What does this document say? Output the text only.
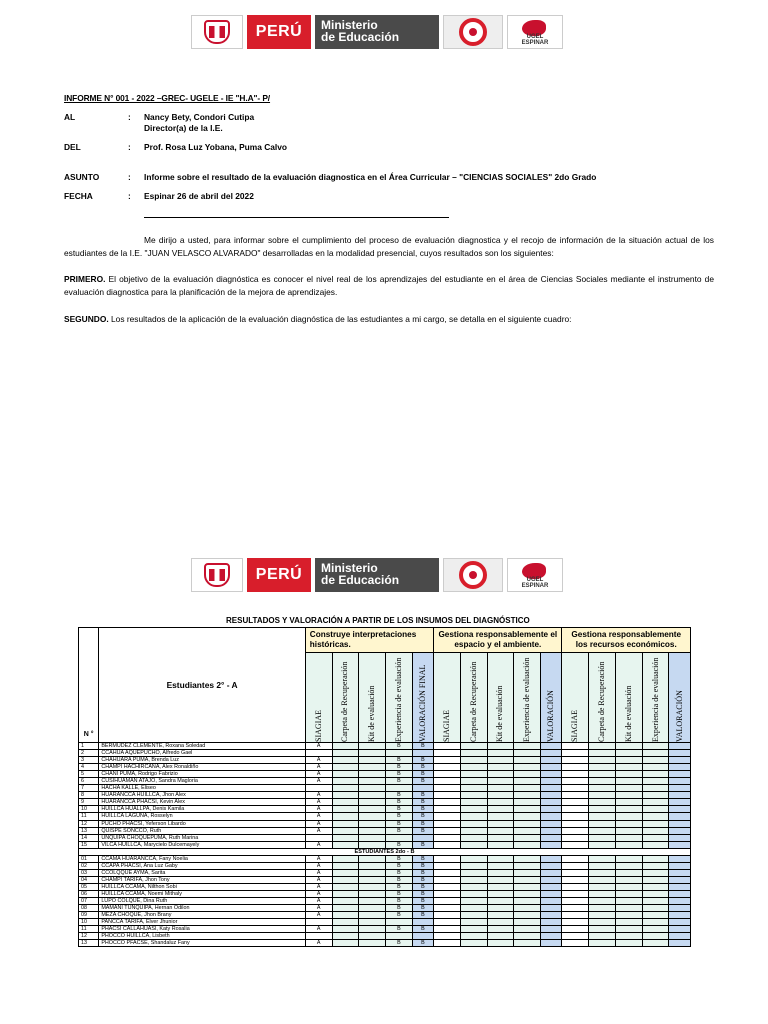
PERÚ	Ministerio
de Educación	UGEL
ESPINAR
INFORME N° 001 - 2022 –GREC- UGELE - IE "H.A"- P/
AL	:	Nancy Bety, Condori Cutipa
Director(a) de la I.E.
DEL	:	Prof. Rosa Luz Yobana, Puma Calvo
ASUNTO	:	Informe sobre el resultado de la evaluación diagnostica en el Área Curricular – "CIENCIAS SOCIALES" 2do Grado
FECHA	:	Espinar 26 de abril del 2022
Me dirijo a usted, para informar sobre el cumplimiento del proceso de evaluación diagnostica y el recojo de información de la situación actual de los estudiantes de la I.E. "JUAN VELASCO ALVARADO" desarrolladas en la modalidad presencial, cuyos resultados son los siguientes:
PRIMERO. El objetivo de la evaluación diagnóstica es conocer el nivel real de los aprendizajes del estudiante en el área de Ciencias Sociales mediante el instrumento de evaluación diagnostica para la planificación de la mejora de aprendizajes.
SEGUNDO. Los resultados de la aplicación de la evaluación diagnóstica de las estudiantes a mi cargo, se detalla en el siguiente cuadro:
PERÚ	Ministerio
de Educación	UGEL
ESPINAR
RESULTADOS Y VALORACIÓN A PARTIR DE LOS INSUMOS DEL DIAGNÓSTICO
N °	Estudiantes 2° - A	Construye interpretaciones históricas.					Gestiona responsablemente el espacio y el ambiente.					Gestiona responsablemente los recursos económicos.				

		SIAGIAE	Carpeta de Recuperación	Kit de evaluación	Experiencia de evaluación	VALORACIÓN FINAL	SIAGIAE	Carpeta de Recuperación	Kit de evaluación	Experiencia de evaluación	VALORACIÓN	SIAGIAE	Carpeta de Recuperación	Kit de evaluación	Experiencia de evaluación	VALORACIÓN

1	BERMUDEZ CLEMENTE, Roxana Soledad	A			B	B										
2	CCAHUA AQUEPUCHO, Alfredo Gael															
3	CHAHUARA PUMA, Brenda Luz	A			B	B										
4	CHAMPI HACHIRCANA, Alex Ronaldiño	A			B	B										
5	CHAÑI PUMA, Rodrigo Fabrizio	A			B	B										
6	CUSIHUAMAN ATAJO, Sandra Magloria	A			B	B										
7	HACHA KALLE, Eliseo															
8	HUARANCCA HUILLCA, Jhon Alex	A			B	B										
9	HUARANCCA PHACSI, Kevin Alex	A			B	B										
10	HUILLCA HUALLPA, Denis Kamila	A			B	B										
11	HUILLCA LAGUNA, Rosselyn	A			B	B										
12	PUCHO PHACSI, Yeferson Libardo	A			B	B										
13	QUISPE SONCCO, Ruth	A			B	B										
14	UNQUIPA CHOQUEPUMA, Ruth Marina															
15	VILCA HUILLCA, Marycielo Dulcemayely	A			B	B										
ESTUDIANTES 2do - B																
01	CCAMA HUARANCCA, Fany Noelia	A			B	B										
02	CCAPA PHACSI, Ana Luz Gaby	A			B	B										
03	CCOLQQUE AYMA, Sarita	A			B	B										
04	CHAMPI TARIFA, Jhon Tony	A			B	B										
05	HUILLCA CCAMA, Nilthon Sobi	A			B	B										
06	HUILLCA CCAMA, Noemi Mithaly	A			B	B										
07	LUPO COLQUE, Dina Ruth	A			B	B										
08	MAMANI TUNQUIPA, Hernan Odilon	A			B	B										
09	MEZA CHOQUE, Jhon Brany	A			B	B										
10	PANCCA TARIFA, Elver Jhunior															
11	PHACSI CALLAHUASI, Katy Rosalia	A			B	B										
12	PHOCCO HUILLCA, Lisbeth															
13	PHOCCO PFACSE, Shandaluz Fany	A			B	B										
